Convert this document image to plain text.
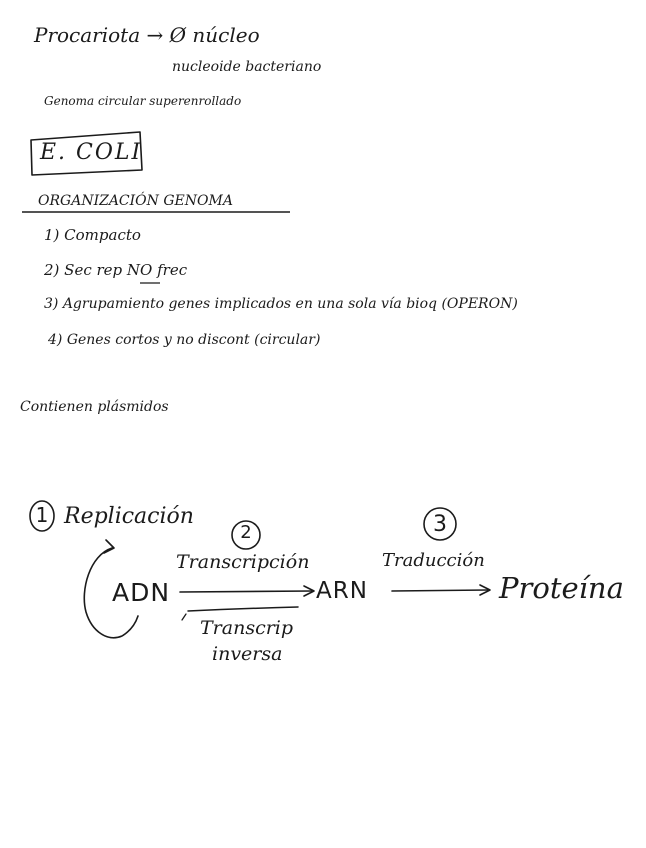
Procariota → Ø núcleo
nucleoide bacteriano
Genoma circular superenrollado
E. COLI
ORGANIZACIÓN GENOMA
1) Compacto
2) Sec rep NO frec
3) Agrupamiento genes implicados en una sola vía bioq (OPERON)
4) Genes cortos y no discont (circular)
Contienen plásmidos
1 Replicación
2
Transcripción
3
Traducción
ADN	ARN	Proteína
Transcrip
inversa
